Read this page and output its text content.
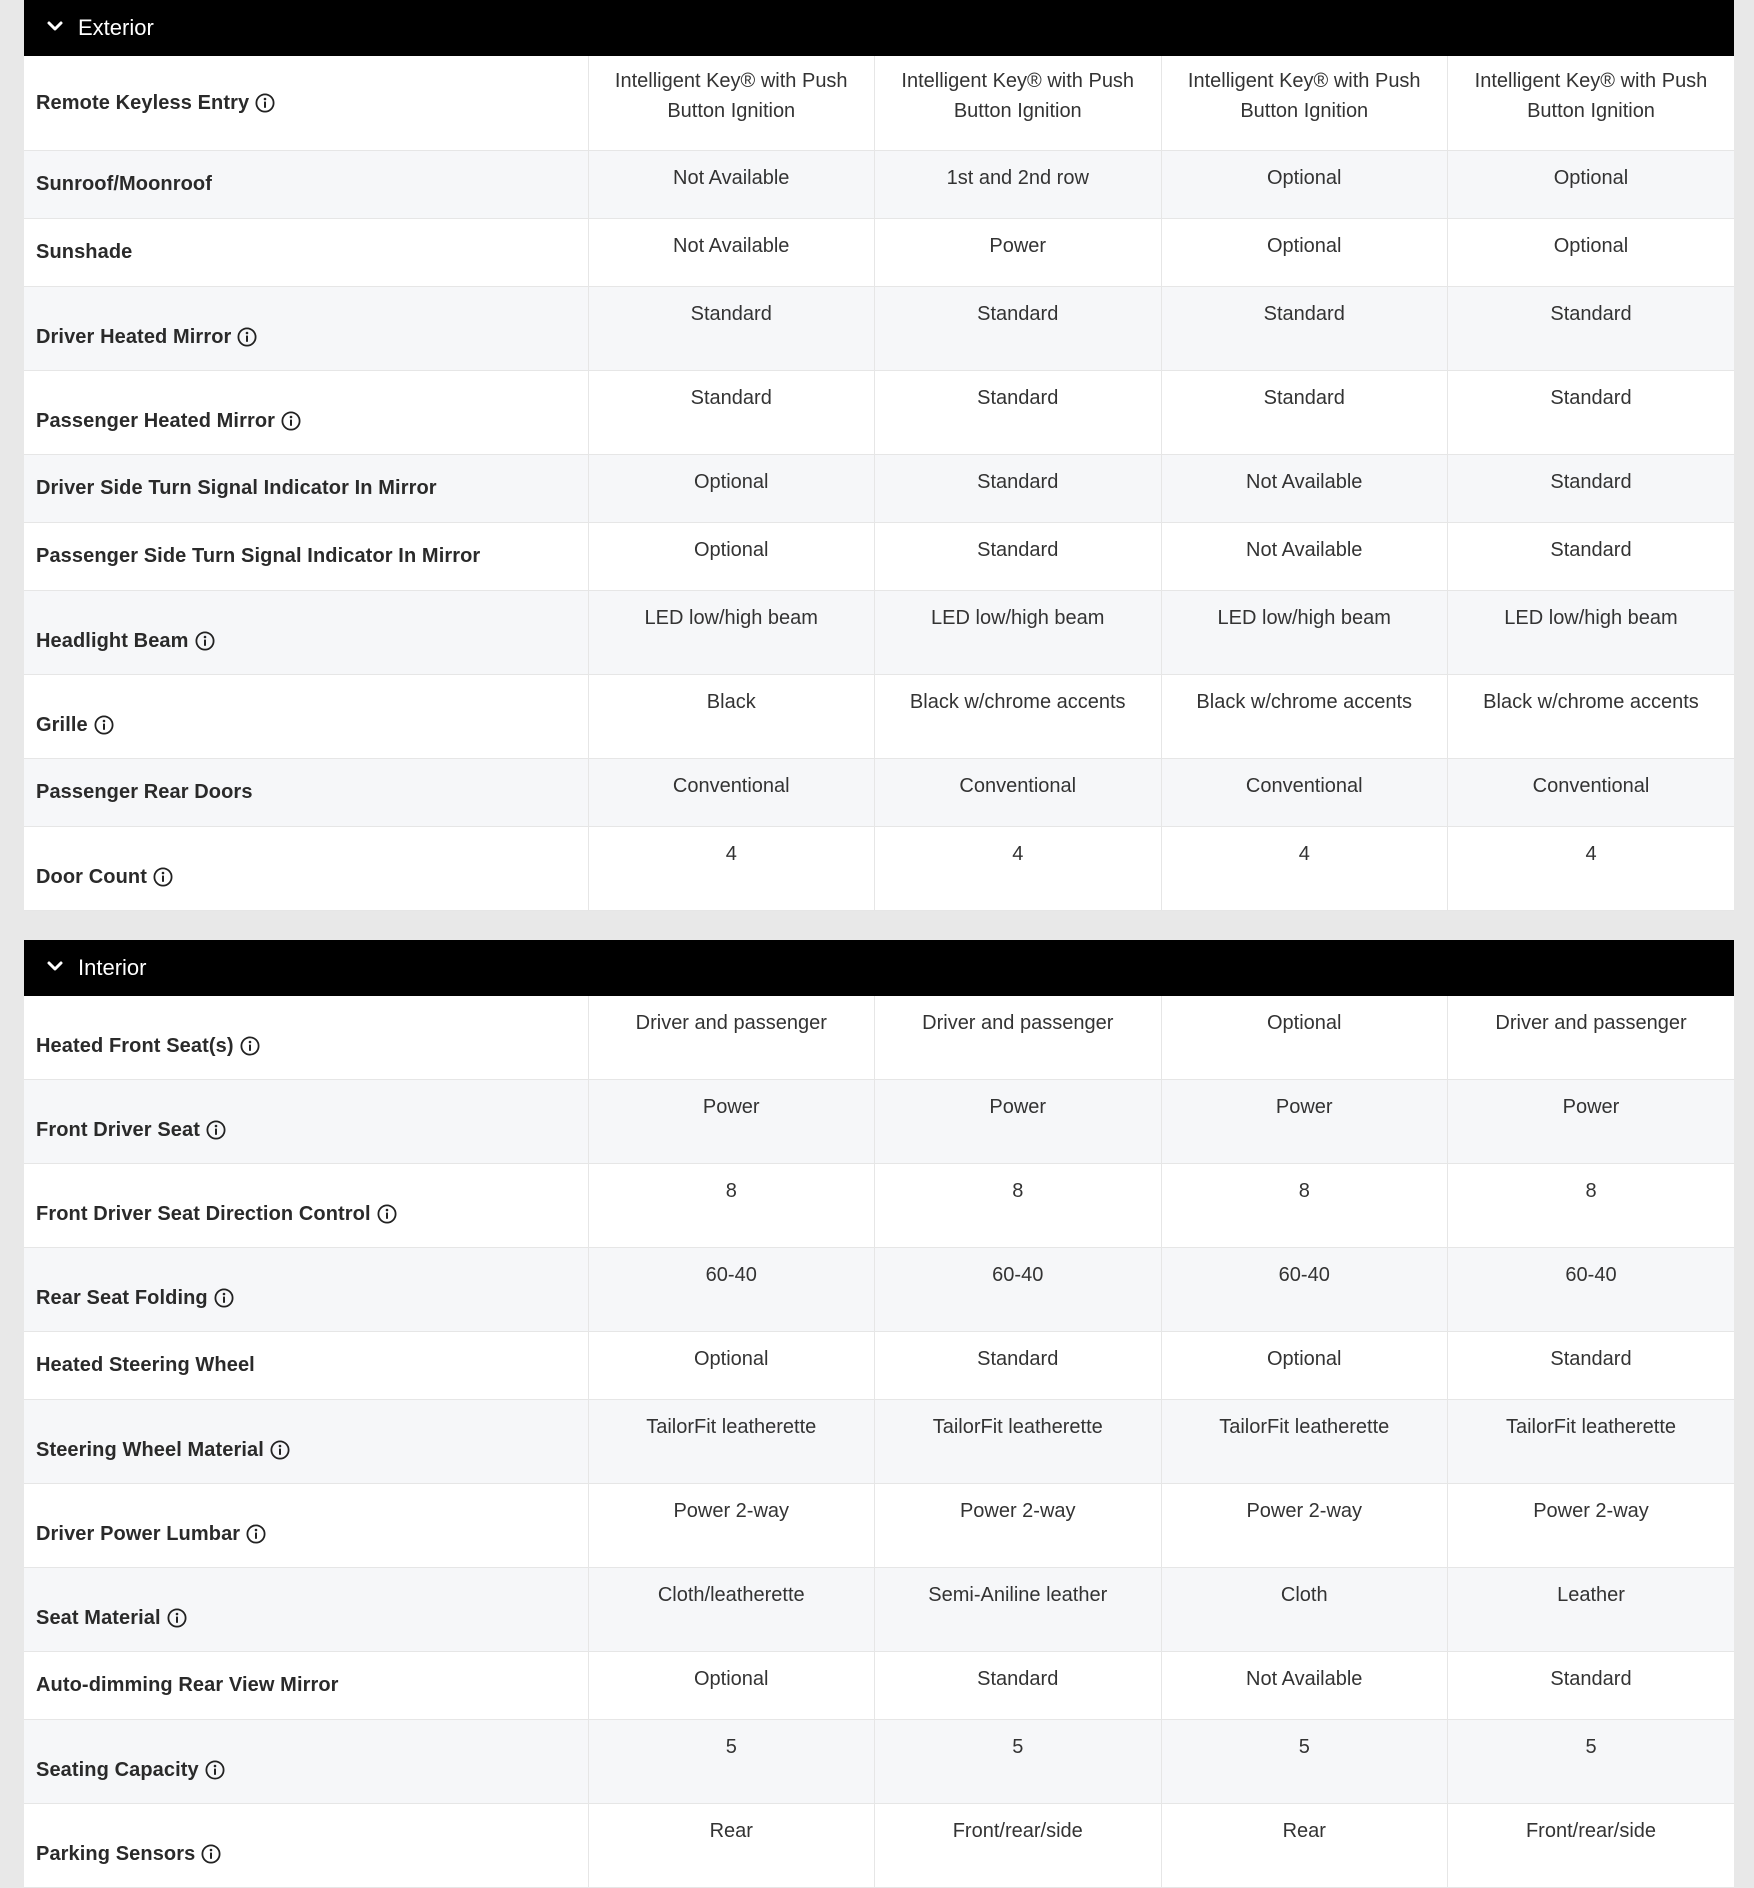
Exterior
Remote Keyless Entry	Intelligent Key® with Push Button Ignition	Intelligent Key® with Push Button Ignition	Intelligent Key® with Push Button Ignition	Intelligent Key® with Push Button Ignition
Sunroof/Moonroof	Not Available	1st and 2nd row	Optional	Optional
Sunshade	Not Available	Power	Optional	Optional
Driver Heated Mirror	Standard	Standard	Standard	Standard
Passenger Heated Mirror	Standard	Standard	Standard	Standard
Driver Side Turn Signal Indicator In Mirror	Optional	Standard	Not Available	Standard
Passenger Side Turn Signal Indicator In Mirror	Optional	Standard	Not Available	Standard
Headlight Beam	LED low/high beam	LED low/high beam	LED low/high beam	LED low/high beam
Grille	Black	Black w/chrome accents	Black w/chrome accents	Black w/chrome accents
Passenger Rear Doors	Conventional	Conventional	Conventional	Conventional
Door Count	4	4	4	4
Interior
Heated Front Seat(s)	Driver and passenger	Driver and passenger	Optional	Driver and passenger
Front Driver Seat	Power	Power	Power	Power
Front Driver Seat Direction Control	8	8	8	8
Rear Seat Folding	60-40	60-40	60-40	60-40
Heated Steering Wheel	Optional	Standard	Optional	Standard
Steering Wheel Material	TailorFit leatherette	TailorFit leatherette	TailorFit leatherette	TailorFit leatherette
Driver Power Lumbar	Power 2-way	Power 2-way	Power 2-way	Power 2-way
Seat Material	Cloth/leatherette	Semi-Aniline leather	Cloth	Leather
Auto-dimming Rear View Mirror	Optional	Standard	Not Available	Standard
Seating Capacity	5	5	5	5
Parking Sensors	Rear	Front/rear/side	Rear	Front/rear/side
